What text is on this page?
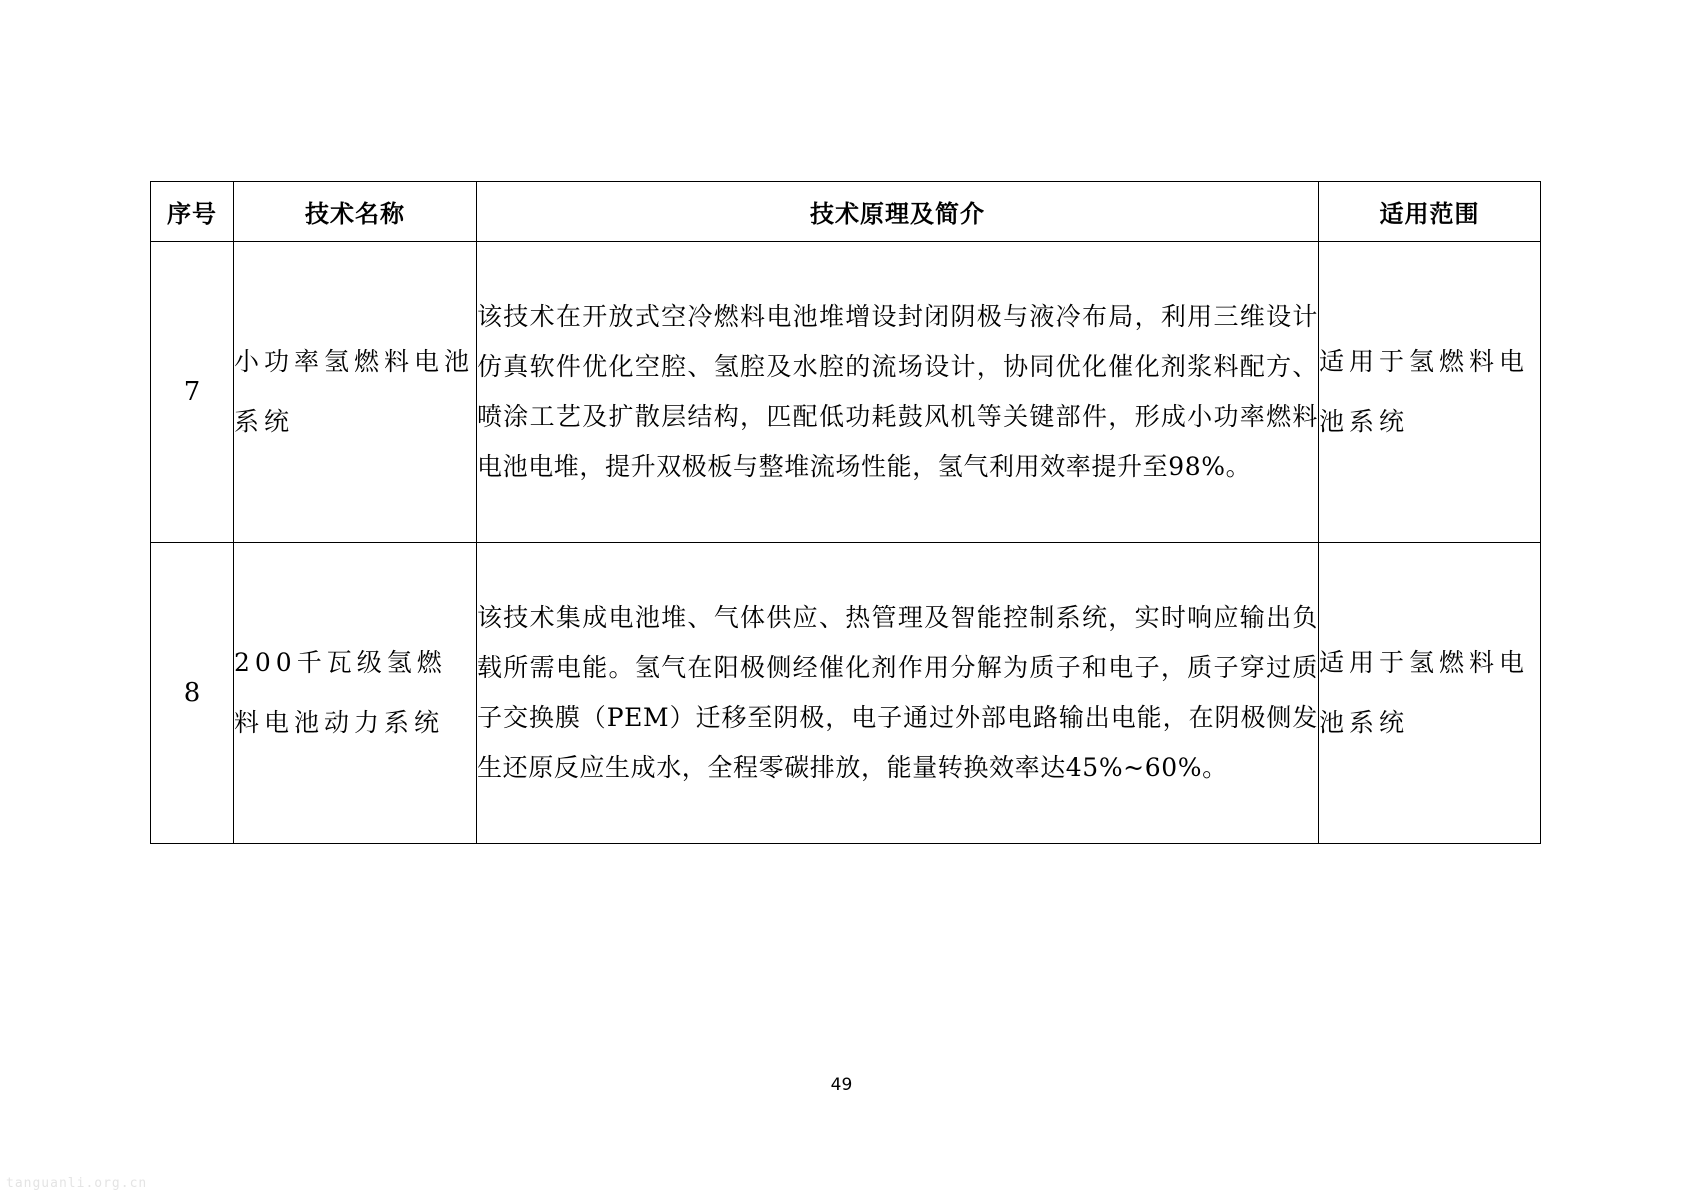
序号	技术名称	技术原理及简介	适用范围
7	小功率氢燃料电池系统	该技术在开放式空冷燃料电池堆增设封闭阴极与液冷布局，利用三维设计仿真软件优化空腔、氢腔及水腔的流场设计，协同优化催化剂浆料配方、喷涂工艺及扩散层结构，匹配低功耗鼓风机等关键部件，形成小功率燃料电池电堆，提升双极板与整堆流场性能，氢气利用效率提升至98%。	适用于氢燃料电池系统
8	200千瓦级氢燃料电池动力系统	该技术集成电池堆、气体供应、热管理及智能控制系统，实时响应输出负载所需电能。氢气在阳极侧经催化剂作用分解为质子和电子，质子穿过质子交换膜（PEM）迁移至阴极，电子通过外部电路输出电能，在阴极侧发生还原反应生成水，全程零碳排放，能量转换效率达45%~60%。	适用于氢燃料电池系统
49
tanguanli.org.cn
